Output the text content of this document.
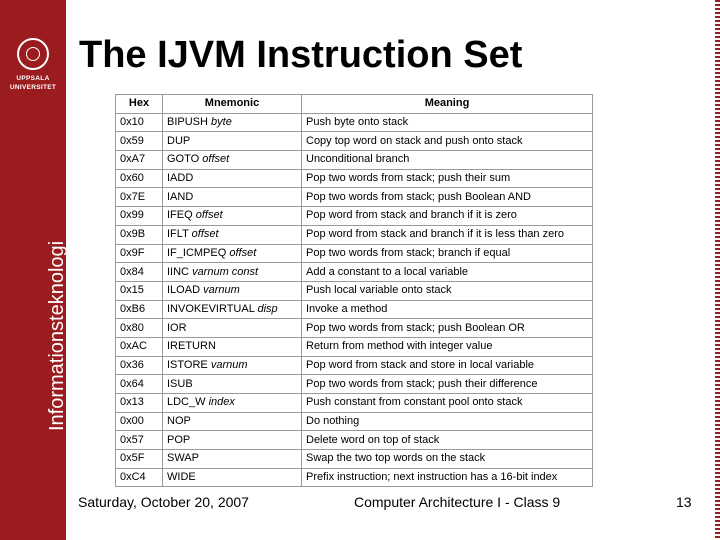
UPPSALA
UNIVERSITET
Informationsteknologi
The IJVM Instruction Set
Hex	Mnemonic	Meaning
0x10	BIPUSH byte	Push byte onto stack
0x59	DUP	Copy top word on stack and push onto stack
0xA7	GOTO offset	Unconditional branch
0x60	IADD	Pop two words from stack; push their sum
0x7E	IAND	Pop two words from stack; push Boolean AND
0x99	IFEQ offset	Pop word from stack and branch if it is zero
0x9B	IFLT offset	Pop word from stack and branch if it is less than zero
0x9F	IF_ICMPEQ offset	Pop two words from stack; branch if equal
0x84	IINC varnum const	Add a constant to a local variable
0x15	ILOAD varnum	Push local variable onto stack
0xB6	INVOKEVIRTUAL disp	Invoke a method
0x80	IOR	Pop two words from stack; push Boolean OR
0xAC	IRETURN	Return from method with integer value
0x36	ISTORE varnum	Pop word from stack and store in local variable
0x64	ISUB	Pop two words from stack; push their difference
0x13	LDC_W index	Push constant from constant pool onto stack
0x00	NOP	Do nothing
0x57	POP	Delete word on top of stack
0x5F	SWAP	Swap the two top words on the stack
0xC4	WIDE	Prefix instruction; next instruction has a 16-bit index
Saturday, October 20, 2007	Computer Architecture I - Class 9	13
